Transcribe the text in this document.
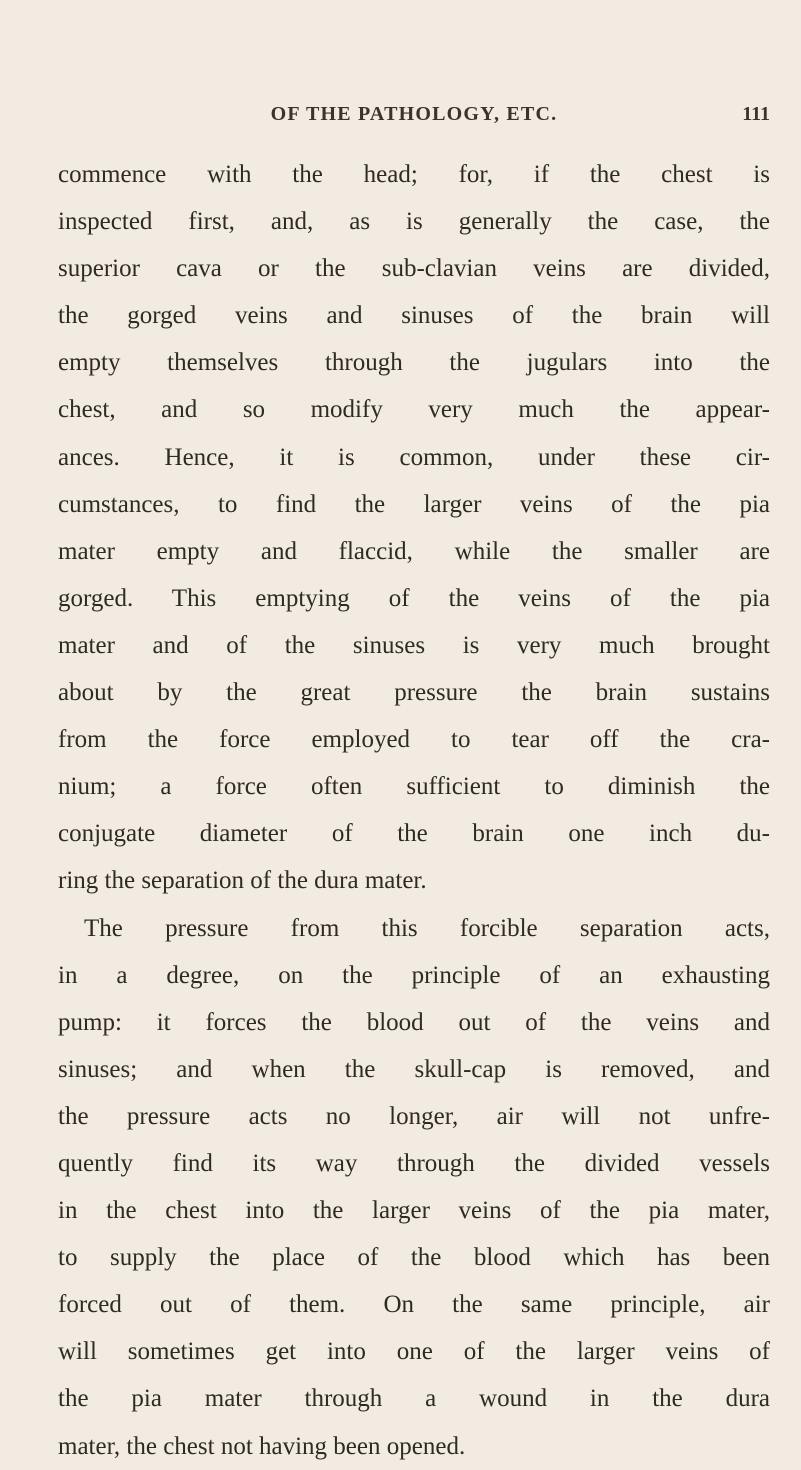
OF THE PATHOLOGY, ETC.	111
commence with the head; for, if the chest is
inspected first, and, as is generally the case, the
superior cava or the sub-clavian veins are divided,
the gorged veins and sinuses of the brain will
empty themselves through the jugulars into the
chest, and so modify very much the appear-
ances. Hence, it is common, under these cir-
cumstances, to find the larger veins of the pia
mater empty and flaccid, while the smaller are
gorged. This emptying of the veins of the pia
mater and of the sinuses is very much brought
about by the great pressure the brain sustains
from the force employed to tear off the cra-
nium; a force often sufficient to diminish the
conjugate diameter of the brain one inch du-
ring the separation of the dura mater.
The pressure from this forcible separation acts,
in a degree, on the principle of an exhausting
pump: it forces the blood out of the veins and
sinuses; and when the skull-cap is removed, and
the pressure acts no longer, air will not unfre-
quently find its way through the divided vessels
in the chest into the larger veins of the pia mater,
to supply the place of the blood which has been
forced out of them. On the same principle, air
will sometimes get into one of the larger veins of
the pia mater through a wound in the dura
mater, the chest not having been opened.
